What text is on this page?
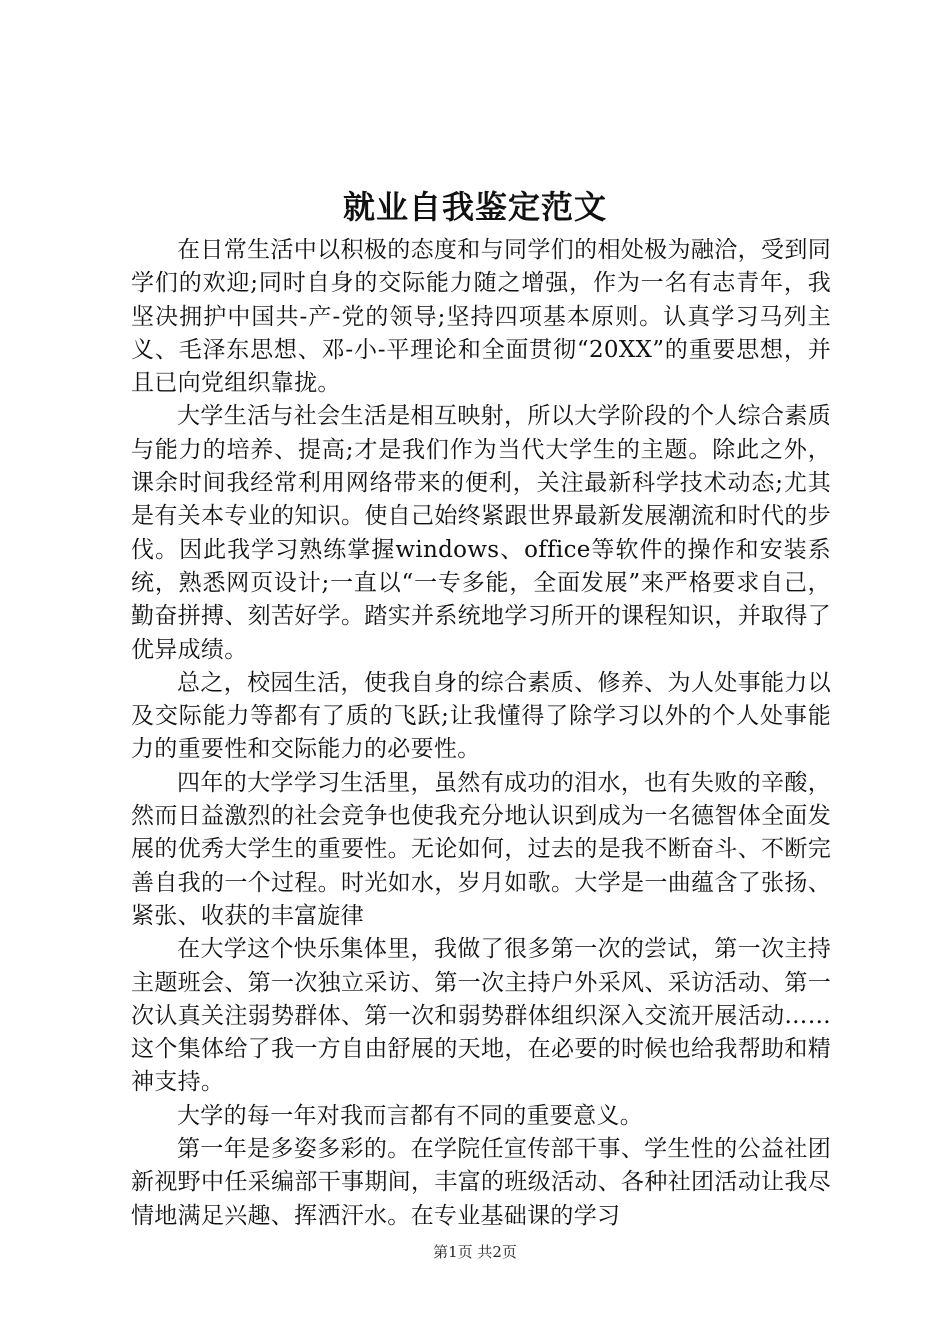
就业自我鉴定范文

在日常生活中以积极的态度和与同学们的相处极为融洽，受到同学们的欢迎;同时自身的交际能力随之增强，作为一名有志青年，我坚决拥护中国共-产-党的领导;坚持四项基本原则。认真学习马列主义、毛泽东思想、邓-小-平理论和全面贯彻“20XX”的重要思想，并且已向党组织靠拢。

大学生活与社会生活是相互映射，所以大学阶段的个人综合素质与能力的培养、提高;才是我们作为当代大学生的主题。除此之外，课余时间我经常利用网络带来的便利，关注最新科学技术动态;尤其是有关本专业的知识。使自己始终紧跟世界最新发展潮流和时代的步伐。因此我学习熟练掌握windows、office等软件的操作和安装系统，熟悉网页设计;一直以“一专多能，全面发展”来严格要求自己，勤奋拼搏、刻苦好学。踏实并系统地学习所开的课程知识，并取得了优异成绩。

总之，校园生活，使我自身的综合素质、修养、为人处事能力以及交际能力等都有了质的飞跃;让我懂得了除学习以外的个人处事能力的重要性和交际能力的必要性。

四年的大学学习生活里，虽然有成功的泪水，也有失败的辛酸，然而日益激烈的社会竞争也使我充分地认识到成为一名德智体全面发展的优秀大学生的重要性。无论如何，过去的是我不断奋斗、不断完善自我的一个过程。时光如水，岁月如歌。大学是一曲蕴含了张扬、紧张、收获的丰富旋律

在大学这个快乐集体里，我做了很多第一次的尝试，第一次主持主题班会、第一次独立采访、第一次主持户外采风、采访活动、第一次认真关注弱势群体、第一次和弱势群体组织深入交流开展活动……这个集体给了我一方自由舒展的天地，在必要的时候也给我帮助和精神支持。

大学的每一年对我而言都有不同的重要意义。

第一年是多姿多彩的。在学院任宣传部干事、学生性的公益社团新视野中任采编部干事期间，丰富的班级活动、各种社团活动让我尽情地满足兴趣、挥洒汗水。在专业基础课的学习

第1页 共2页
